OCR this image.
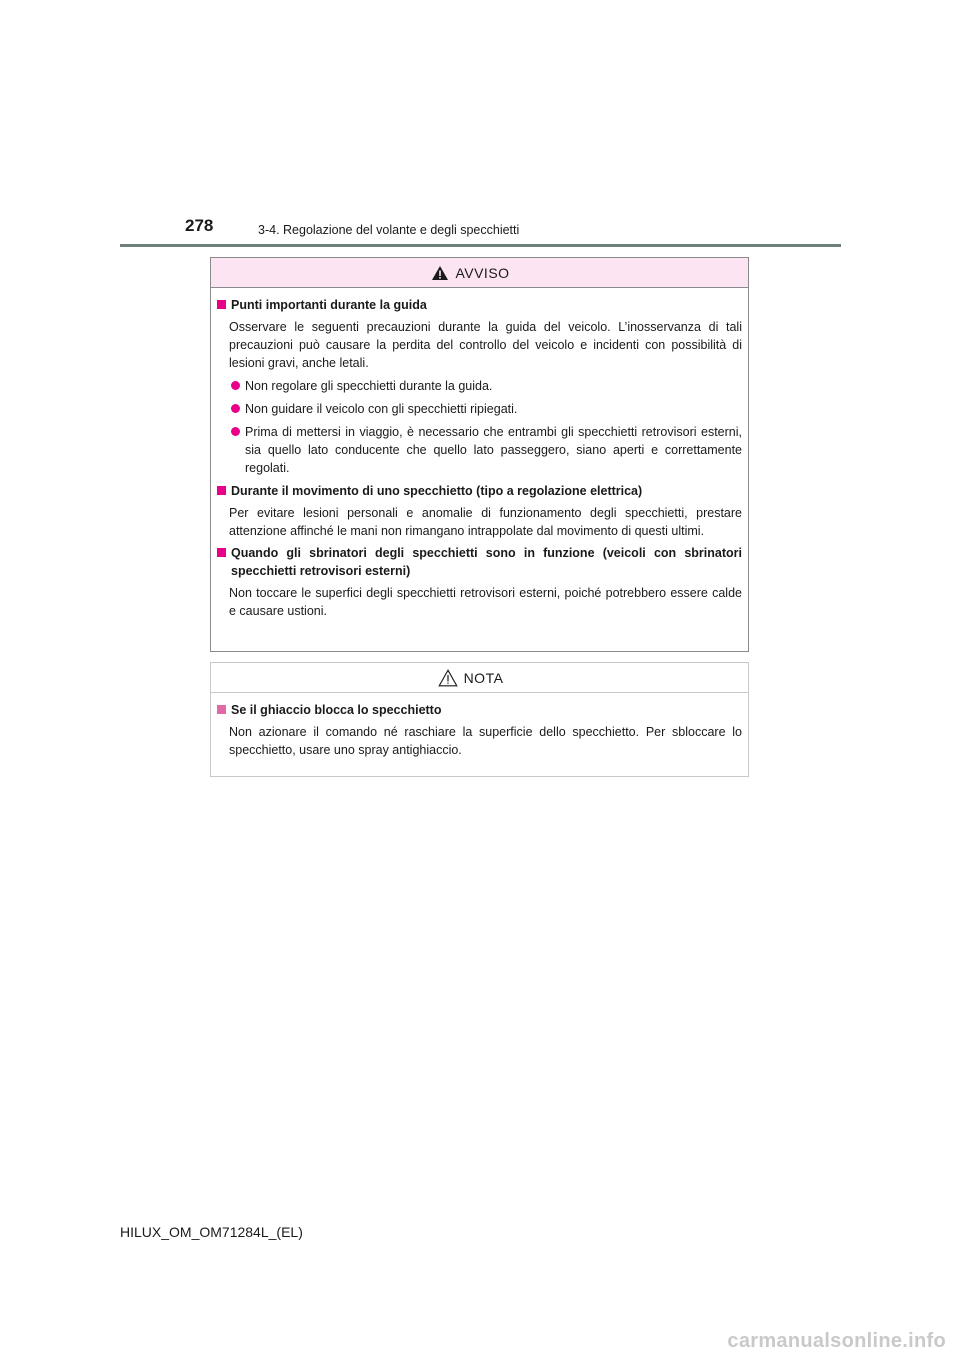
278	3-4. Regolazione del volante e degli specchietti
AVVISO
Punti importanti durante la guida
Osservare le seguenti precauzioni durante la guida del veicolo. L’inosservanza di tali precauzioni può causare la perdita del controllo del veicolo e incidenti con possibilità di lesioni gravi, anche letali.
Non regolare gli specchietti durante la guida.
Non guidare il veicolo con gli specchietti ripiegati.
Prima di mettersi in viaggio, è necessario che entrambi gli specchietti retrovisori esterni, sia quello lato conducente che quello lato passeggero, siano aperti e correttamente regolati.
Durante il movimento di uno specchietto (tipo a regolazione elettrica)
Per evitare lesioni personali e anomalie di funzionamento degli specchietti, prestare attenzione affinché le mani non rimangano intrappolate dal movimento di questi ultimi.
Quando gli sbrinatori degli specchietti sono in funzione (veicoli con sbrinatori specchietti retrovisori esterni)
Non toccare le superfici degli specchietti retrovisori esterni, poiché potrebbero essere calde e causare ustioni.
NOTA
Se il ghiaccio blocca lo specchietto
Non azionare il comando né raschiare la superficie dello specchietto. Per sbloccare lo specchietto, usare uno spray antighiaccio.
HILUX_OM_OM71284L_(EL)
carmanualsonline.info
